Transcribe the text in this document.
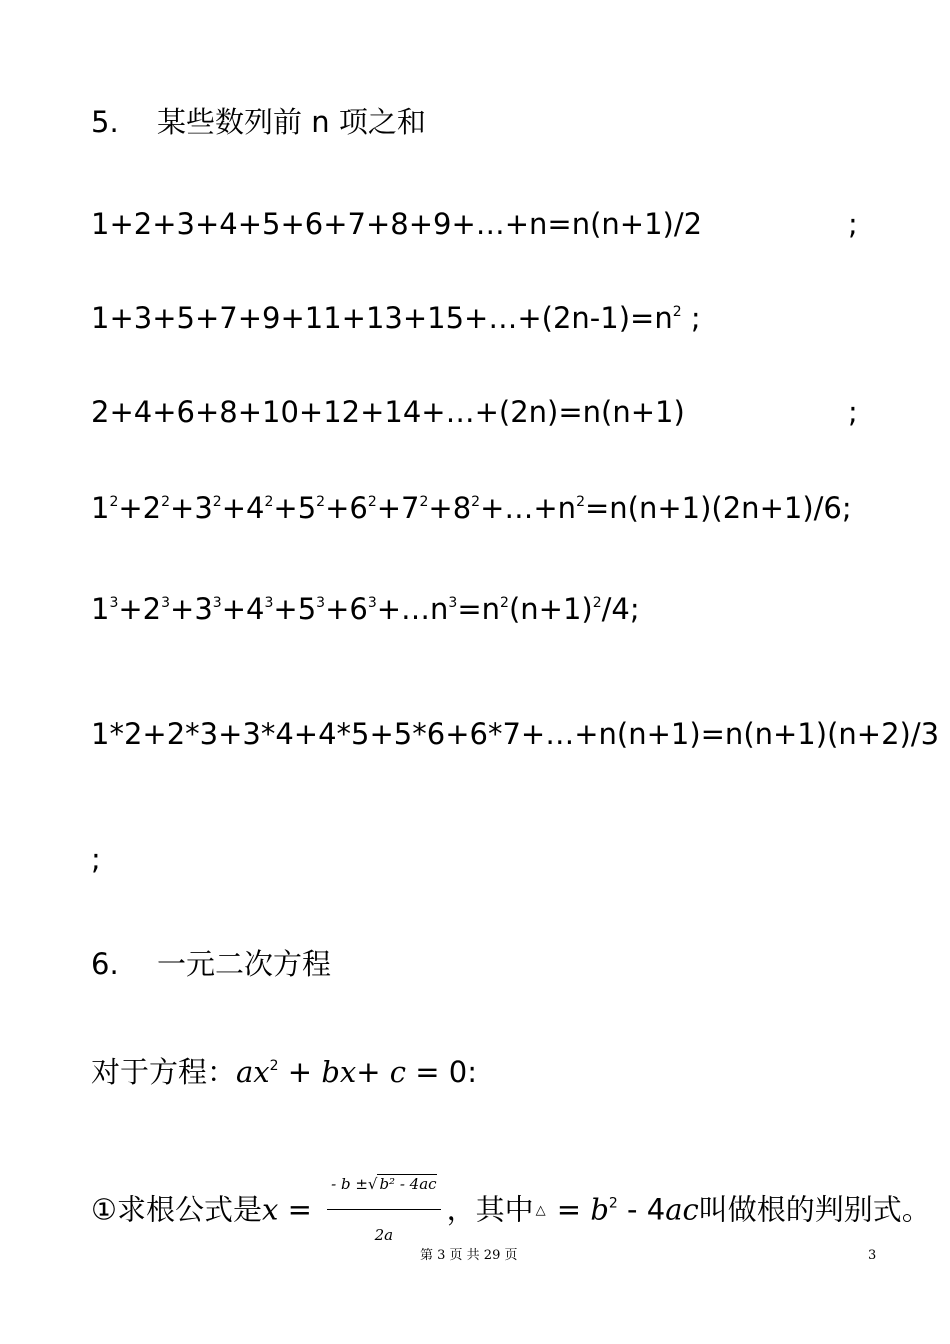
5. 某些数列前 n 项之和
1+2+3+4+5+6+7+8+9+…+n=n(n+1)/2	;
$1+3+5+7+9+11+13+15+\dots+(2n-1)=n^2$ ;
2+4+6+8+10+12+14+…+(2n)=n(n+1)	;
$1^2+2^2+3^2+4^2+5^2+6^2+7^2+8^2+\dots+n^2=n(n+1)(2n+1)/6$;
$1^3+2^3+3^3+4^3+5^3+6^3+\dots n^3=n^2(n+1)^2/4$;
1*2+2*3+3*4+4*5+5*6+6*7+…+n(n+1)=n(n+1)(n+2)/3
;
6. 一元二次方程
对于方程：$ax^2 + bx+ c = 0$:
①求根公式是$x = \frac{\text{- b ±√ b² - 4ac}}{2a}$ ，其中 $^\triangle = b^2 - 4ac$叫做根的判别式。
第 3 页 共 29 页	3
